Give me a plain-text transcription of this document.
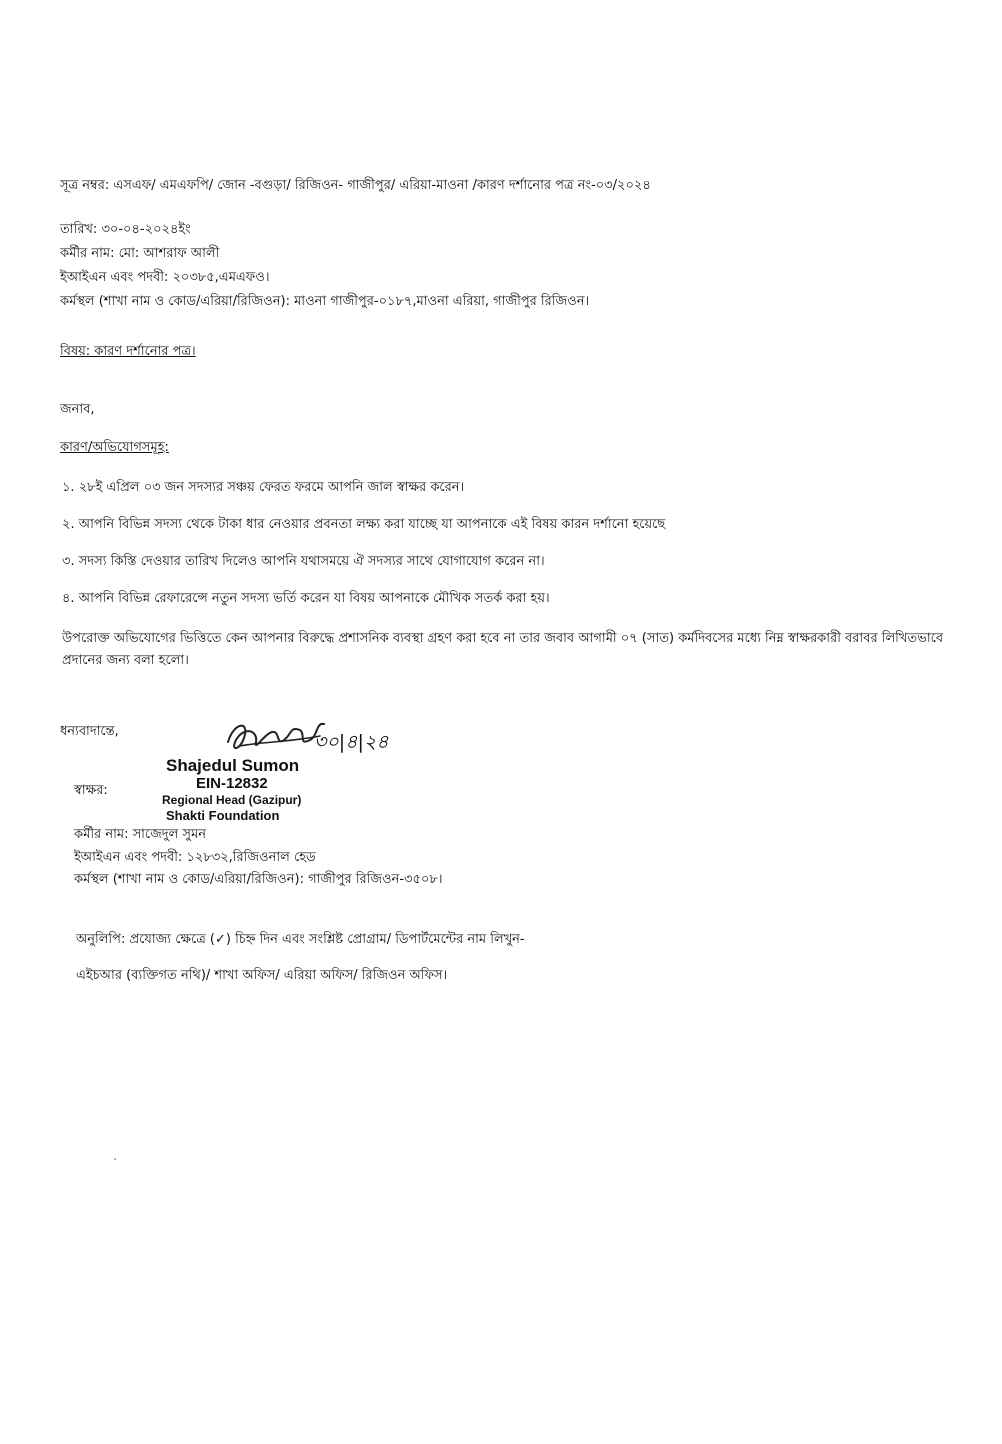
সূত্র নম্বর: এসএফ/ এমএফপি/ জোন -বগুড়া/ রিজিওন- গাজীপুর/ এরিয়া-মাওনা /কারণ দর্শানোর পত্র নং-০৩/২০২৪
তারিখ: ৩০-০৪-২০২৪ইং
কর্মীর নাম: মো: আশরাফ আলী
ইআইএন এবং পদবী: ২০৩৮৫,এমএফও।
কর্মস্থল (শাখা নাম ও কোড/এরিয়া/রিজিওন): মাওনা গাজীপুর-০১৮৭,মাওনা এরিয়া, গাজীপুর রিজিওন।
বিষয়: কারণ দর্শানোর পত্র।
জনাব,
কারণ/অভিযোগসমূহ:
১. ২৮ই এপ্রিল ০৩ জন সদস্যর সঞ্চয় ফেরত ফরমে আপনি জাল স্বাক্ষর করেন।
২. আপনি বিভিন্ন সদস্য থেকে টাকা ধার নেওয়ার প্রবনতা লক্ষ্য করা যাচ্ছে যা আপনাকে এই বিষয় কারন দর্শানো হয়েছে
৩. সদস্য কিস্তি দেওয়ার তারিখ দিলেও আপনি যথাসময়ে ঐ সদস্যর সাথে যোগাযোগ করেন না।
৪. আপনি বিভিন্ন রেফারেন্সে নতুন সদস্য ভর্তি করেন যা বিষয় আপনাকে মৌখিক সতর্ক করা হয়।
উপরোক্ত অভিযোগের ভিত্তিতে কেন আপনার বিরুদ্ধে প্রশাসনিক ব্যবস্থা গ্রহণ করা হবে না তার জবাব আগামী ০৭ (সাত) কর্মদিবসের মধ্যে নিম্ন স্বাক্ষরকারী বরাবর লিখিতভাবে প্রদানের জন্য বলা হলো।
ধন্যবাদান্তে,	৩০|৪|২৪
Shajedul Sumon
EIN-12832
Regional Head (Gazipur)
Shakti Foundation
স্বাক্ষর:
কর্মীর নাম: সাজেদুল সুমন
ইআইএন এবং পদবী: ১২৮৩২,রিজিওনাল হেড
কর্মস্থল (শাখা নাম ও কোড/এরিয়া/রিজিওন): গাজীপুর রিজিওন-৩৫০৮।
অনুলিপি: প্রযোজ্য ক্ষেত্রে (✓) চিহ্ন দিন এবং সংশ্লিষ্ট প্রোগ্রাম/ ডিপার্টমেন্টের নাম লিখুন-
এইচআর (ব্যক্তিগত নথি)/ শাখা অফিস/ এরিয়া অফিস/ রিজিওন অফিস।
